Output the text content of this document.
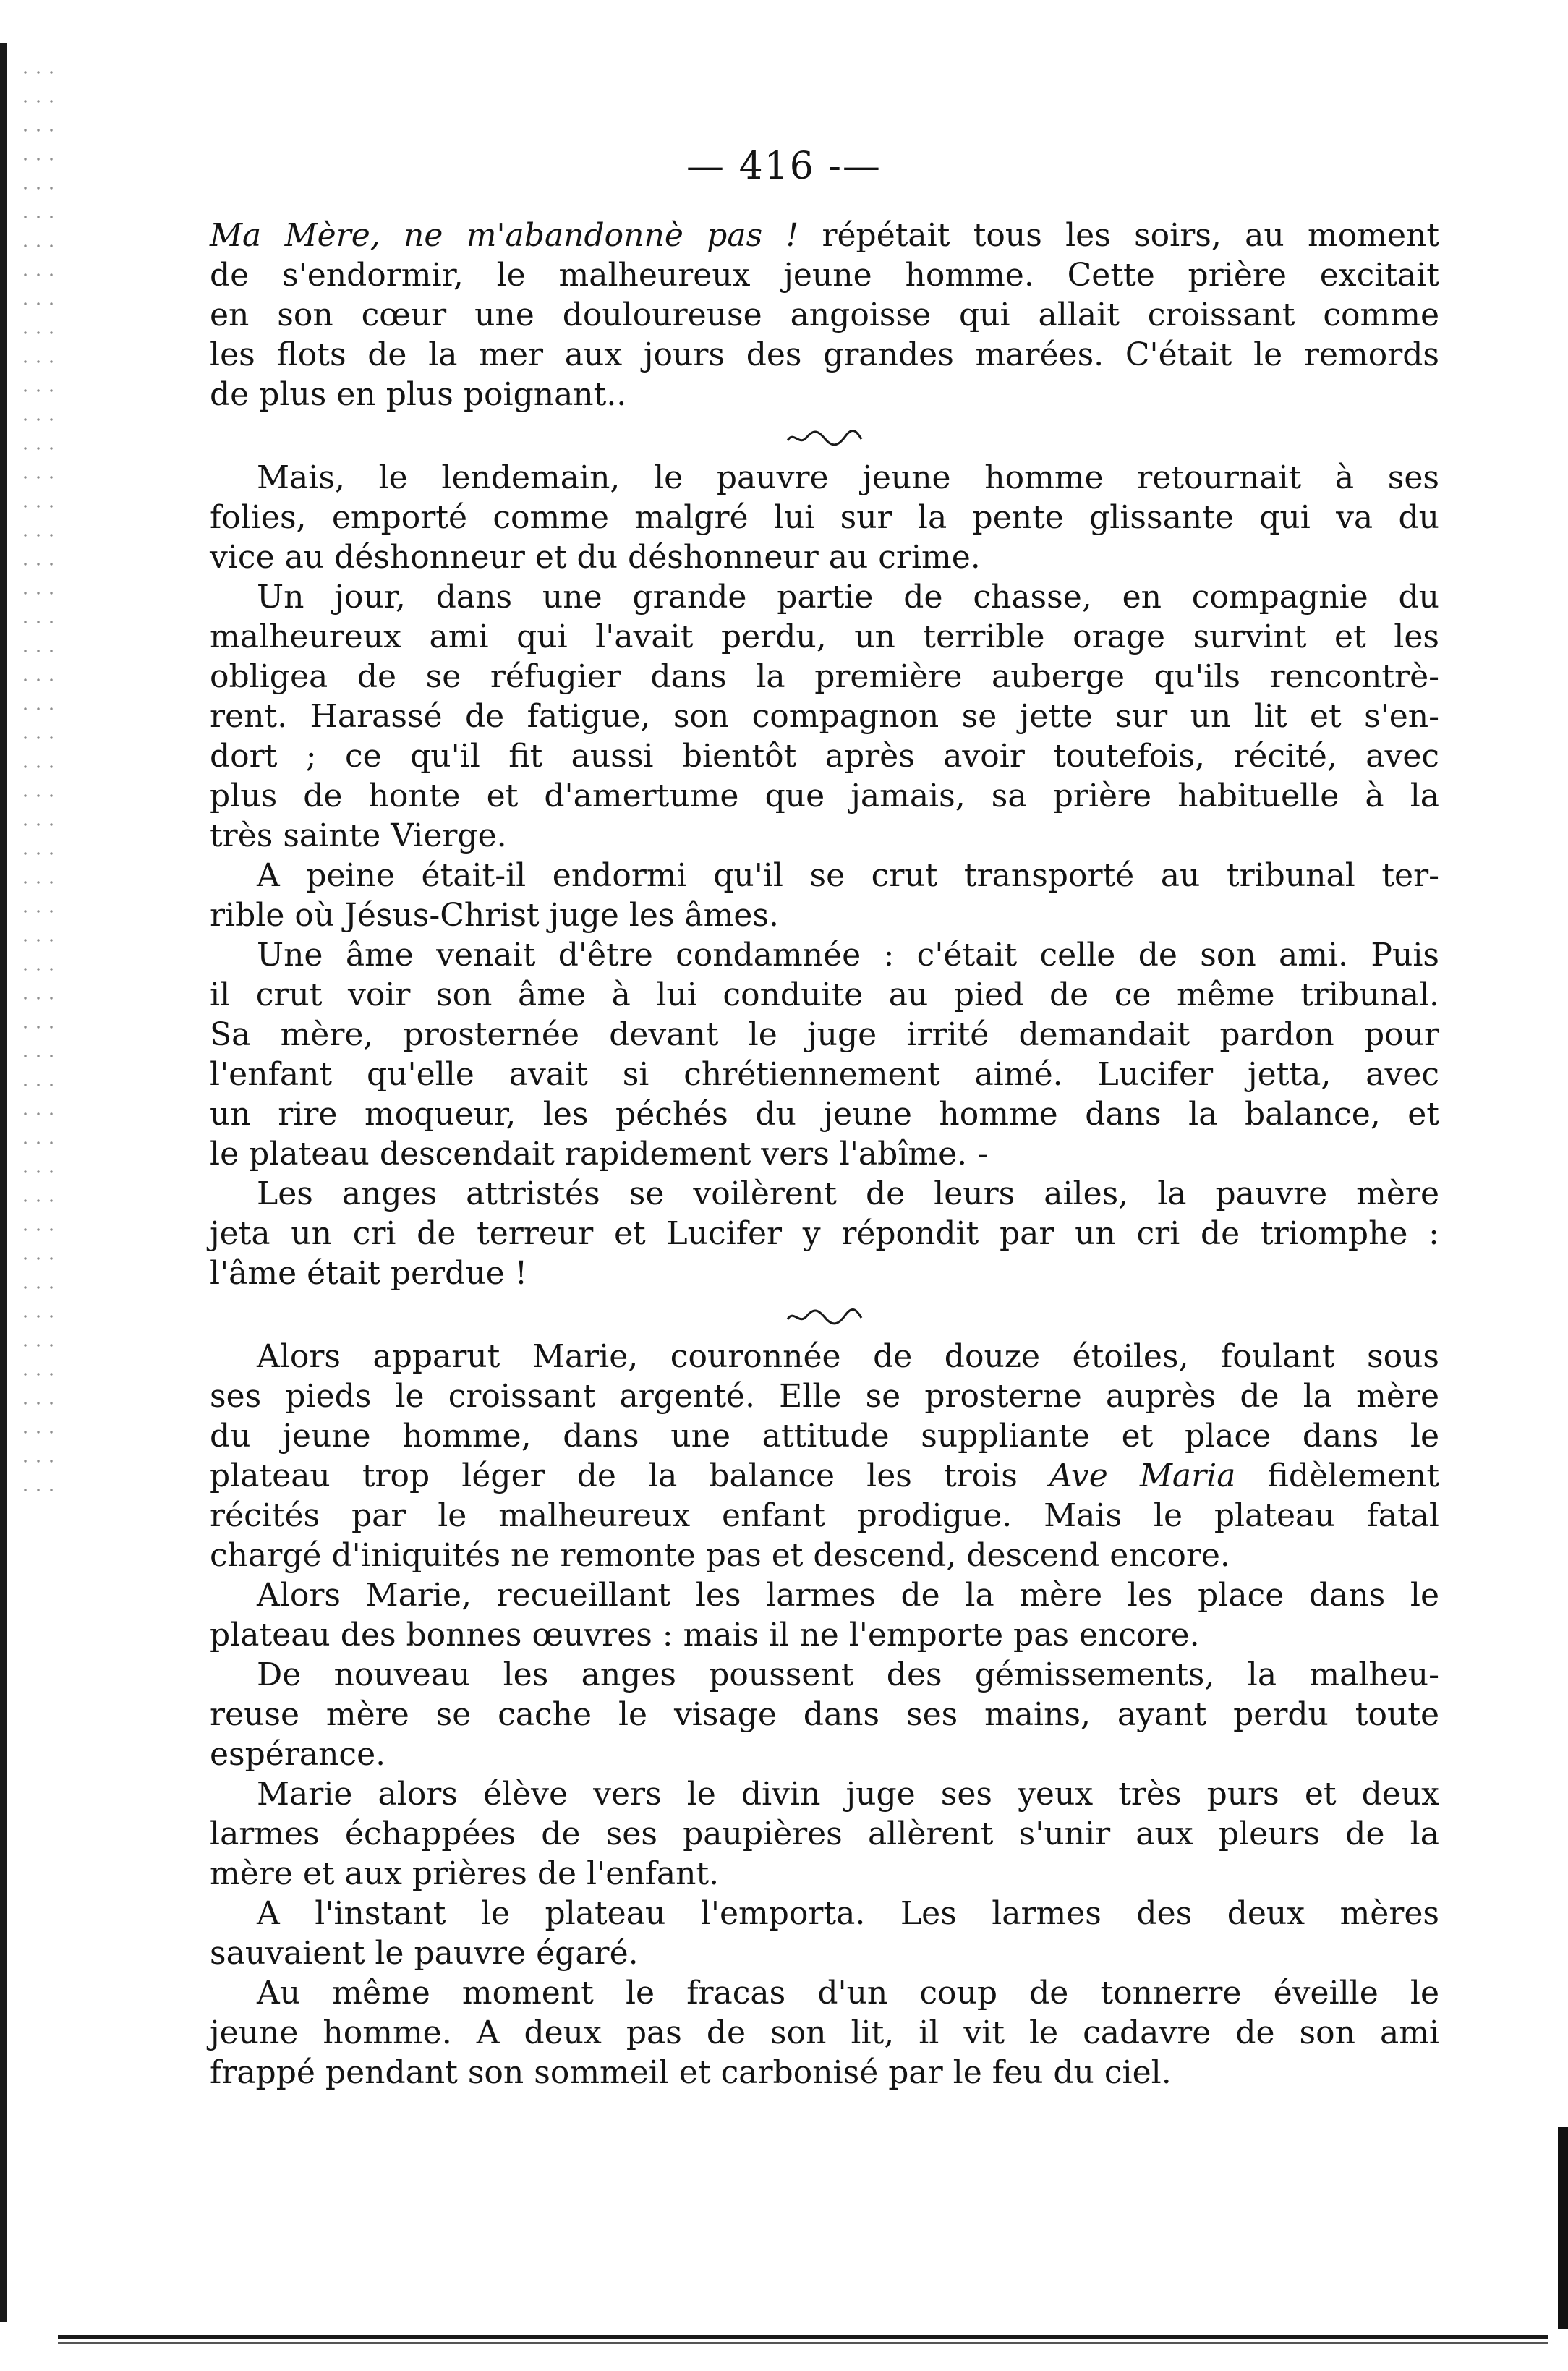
— 416 -—
Ma Mère, ne m'abandonnè pas ! répétait tous les soirs, au moment
de s'endormir, le malheureux jeune homme. Cette prière excitait
en son cœur une douloureuse angoisse qui allait croissant comme
les flots de la mer aux jours des grandes marées. C'était le remords
de plus en plus poignant..
Mais, le lendemain, le pauvre jeune homme retournait à ses
folies, emporté comme malgré lui sur la pente glissante qui va du
vice au déshonneur et du déshonneur au crime.
Un jour, dans une grande partie de chasse, en compagnie du
malheureux ami qui l'avait perdu, un terrible orage survint et les
obligea de se réfugier dans la première auberge qu'ils rencontrè-
rent. Harassé de fatigue, son compagnon se jette sur un lit et s'en-
dort ; ce qu'il fit aussi bientôt après avoir toutefois, récité, avec
plus de honte et d'amertume que jamais, sa prière habituelle à la
très sainte Vierge.
A peine était-il endormi qu'il se crut transporté au tribunal ter-
rible où Jésus-Christ juge les âmes.
Une âme venait d'être condamnée : c'était celle de son ami. Puis
il crut voir son âme à lui conduite au pied de ce même tribunal.
Sa mère, prosternée devant le juge irrité demandait pardon pour
l'enfant qu'elle avait si chrétiennement aimé. Lucifer jetta, avec
un rire moqueur, les péchés du jeune homme dans la balance, et
le plateau descendait rapidement vers l'abîme. -
Les anges attristés se voilèrent de leurs ailes, la pauvre mère
jeta un cri de terreur et Lucifer y répondit par un cri de triomphe :
l'âme était perdue !
Alors apparut Marie, couronnée de douze étoiles, foulant sous
ses pieds le croissant argenté. Elle se prosterne auprès de la mère
du jeune homme, dans une attitude suppliante et place dans le
plateau trop léger de la balance les trois Ave Maria fidèlement
récités par le malheureux enfant prodigue. Mais le plateau fatal
chargé d'iniquités ne remonte pas et descend, descend encore.
Alors Marie, recueillant les larmes de la mère les place dans le
plateau des bonnes œuvres : mais il ne l'emporte pas encore.
De nouveau les anges poussent des gémissements, la malheu-
reuse mère se cache le visage dans ses mains, ayant perdu toute
espérance.
Marie alors élève vers le divin juge ses yeux très purs et deux
larmes échappées de ses paupières allèrent s'unir aux pleurs de la
mère et aux prières de l'enfant.
A l'instant le plateau l'emporta. Les larmes des deux mères
sauvaient le pauvre égaré.
Au même moment le fracas d'un coup de tonnerre éveille le
jeune homme. A deux pas de son lit, il vit le cadavre de son ami
frappé pendant son sommeil et carbonisé par le feu du ciel.
